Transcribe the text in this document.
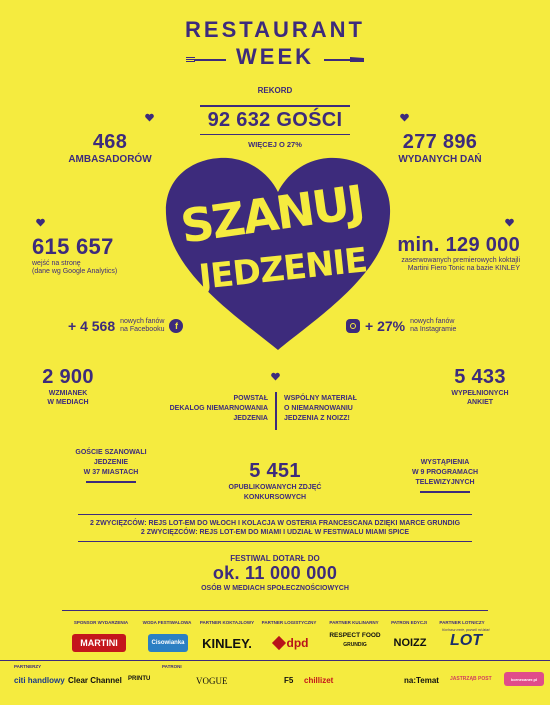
RESTAURANT
WEEK
REKORD
92 632 GOŚCI
WIĘCEJ O 27%
468
AMBASADORÓW
277 896
WYDANYCH DAŃ
SZANUJ
JEDZENIE
615 657
wejść na stronę
(dane wg Google Analytics)
min. 129 000
zaserwowanych premierowych koktajli
Martini Fiero Tonic na bazie KINLEY
+ 4 568 nowych fanów
na Facebooku	f	+ 27% nowych fanów
na Instagramie
2 900
WZMIANEK
W MEDIACH
5 433
WYPEŁNIONYCH
ANKIET
POWSTAŁ
DEKALOG NIEMARNOWANIA
JEDZENIA
WSPÓLNY MATERIAŁ
O NIEMARNOWANIU
JEDZENIA Z NOIZZ!
GOŚCIE SZANOWALI
JEDZENIE
W 37 MIASTACH
WYSTĄPIENIA
W 9 PROGRAMACH
TELEWIZYJNYCH
5 451
OPUBLIKOWANYCH ZDJĘĆ
KONKURSOWYCH
2 ZWYCIĘZCÓW: REJS LOT-EM DO WŁOCH I KOLACJA W OSTERIA FRANCESCANA DZIĘKI MARCE GRUNDIG
2 ZWYCIĘZCÓW: REJS LOT-EM DO MIAMI I UDZIAŁ W FESTIWALU MIAMI SPICE
FESTIWAL DOTARŁ DO
ok. 11 000 000
OSÓB W MEDIACH SPOŁECZNOŚCIOWYCH
SPONSOR WYDARZENIA	WODA FESTIWALOWA	PARTNER KOKTAJLOWY	PARTNER LOGISTYCZNY	PARTNER KULINARNY	PATRON EDYCJI	PARTNER LOTNICZY
MARTINI	Cisowianka	KINLEY.	dpd
RESPECT FOOD
GRUNDIG	NOIZZ
Kochasz mnie, pozwól mi latać
LOT
PARTNERZY	PATRONI
citi handlowy Clear Channel PRINTU	VOGUE	F5 chillizet	na:Temat JASTRZĄB POST	kornecaner.pl
